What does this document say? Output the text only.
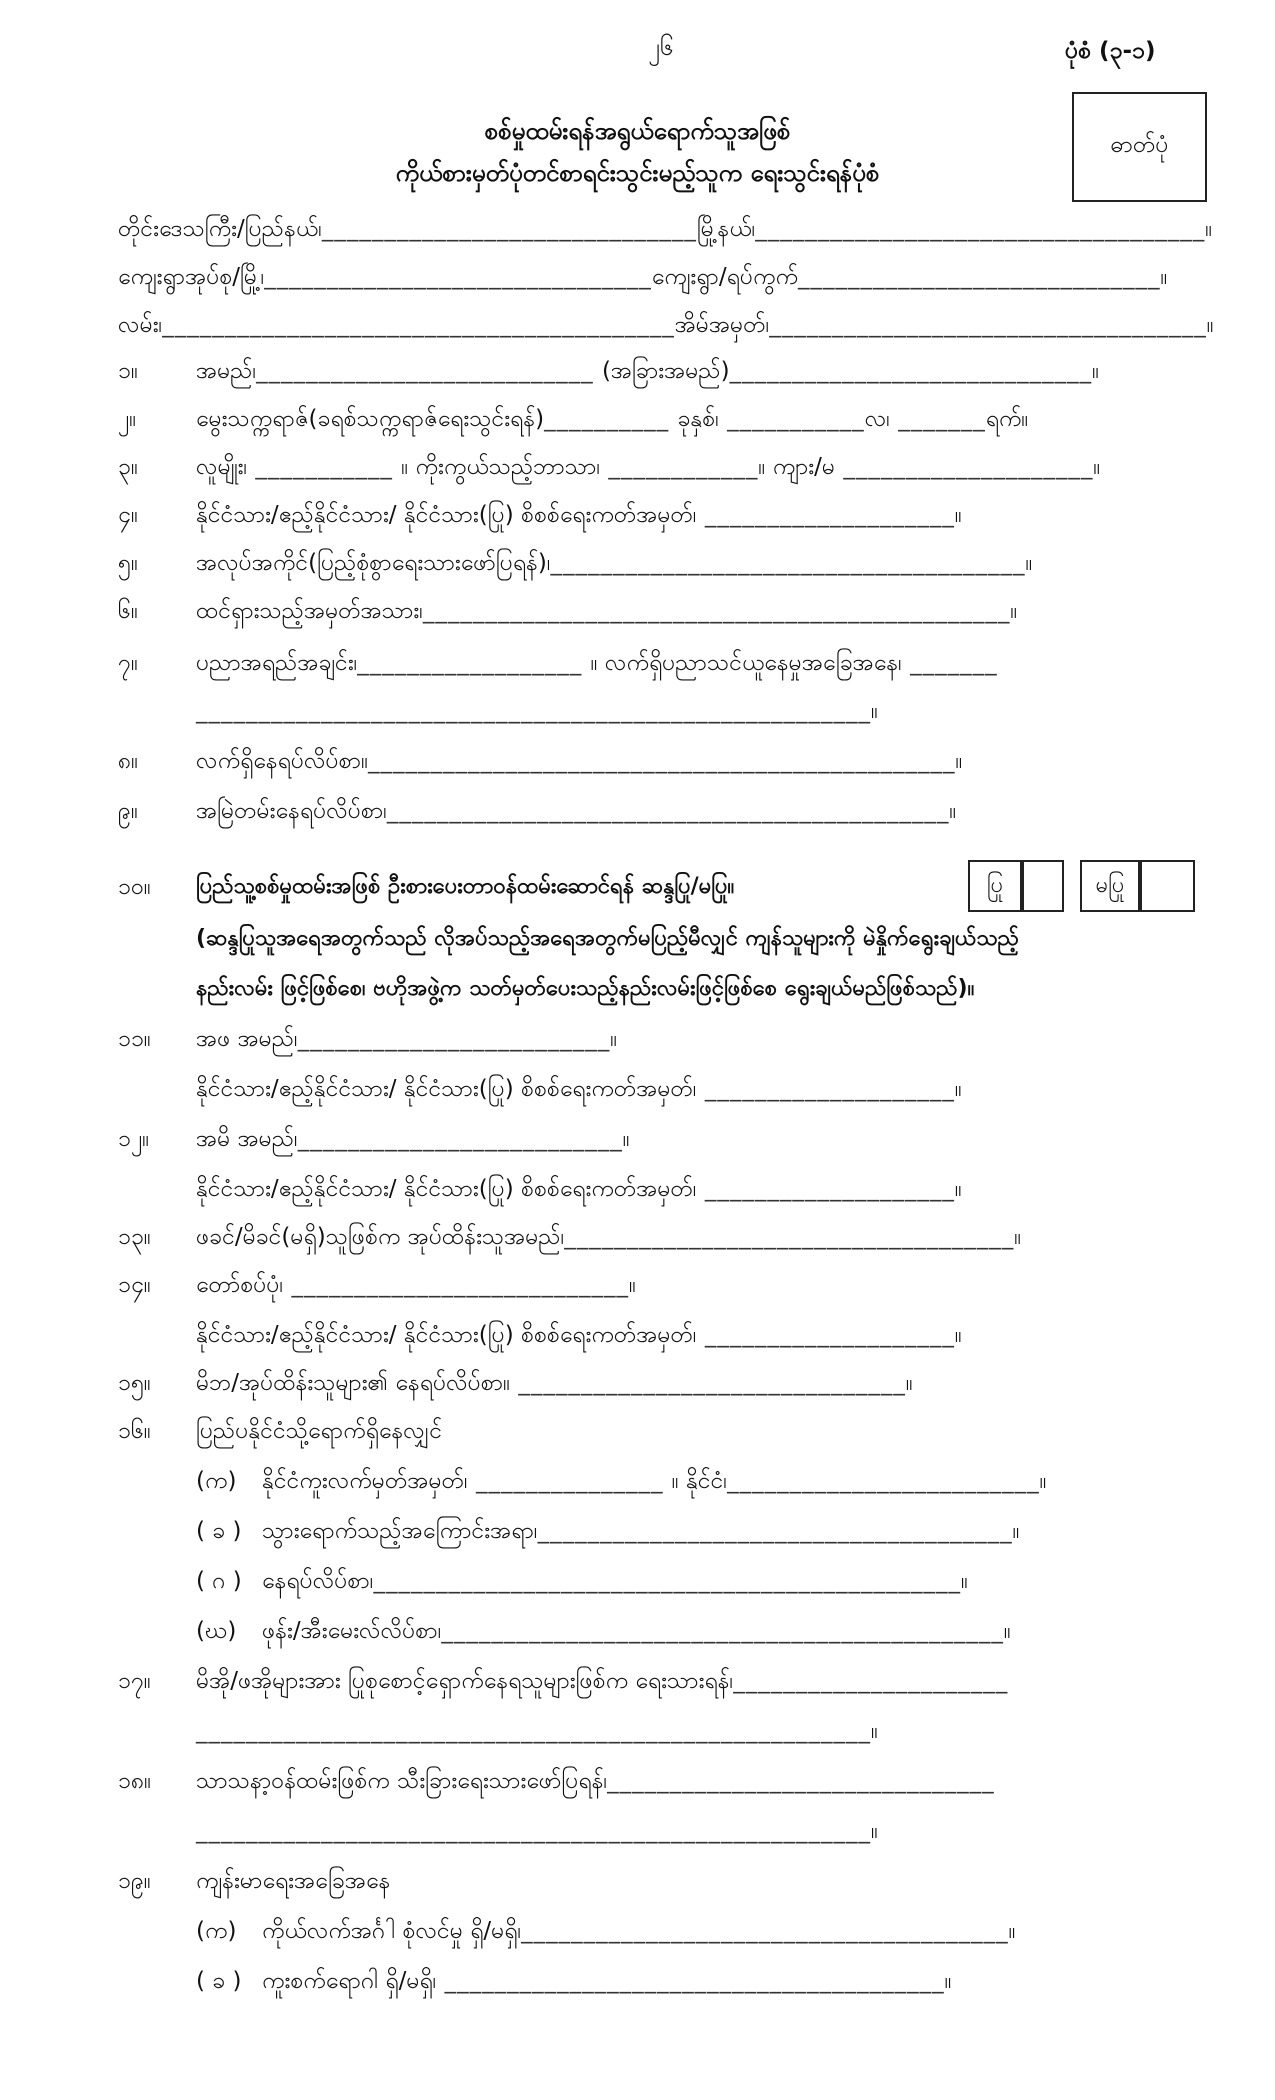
၂၆	ပုံစံ (၃-၁)
ဓာတ်ပုံ
စစ်မှုထမ်းရန်အရွယ်ရောက်သူအဖြစ်
ကိုယ်စားမှတ်ပုံတင်စာရင်းသွင်းမည့်သူက ရေးသွင်းရန်ပုံစံ
တိုင်းဒေသကြီး/ပြည်နယ်၊______________________________မြို့နယ်၊____________________________________။
ကျေးရွာအုပ်စု/မြို့၊_______________________________ကျေးရွာ/ရပ်ကွက်_____________________________။
လမ်း၊_________________________________________အိမ်အမှတ်၊___________________________________။
၁။	အမည်၊___________________________ (အခြားအမည်)_____________________________။
၂။	မွေးသက္ကရာဇ်(ခရစ်သက္ကရာဇ်ရေးသွင်းရန်)__________ ခုနှစ်၊ ___________လ၊ _______ရက်။
၃။	လူမျိုး၊ ___________ ။ ကိုးကွယ်သည့်ဘာသာ၊ ____________။ ကျား/မ ____________________။
၄။	နိုင်ငံသား/ဧည့်နိုင်ငံသား/ နိုင်ငံသား(ပြု) စိစစ်ရေးကတ်အမှတ်၊ ____________________။
၅။	အလုပ်အကိုင်(ပြည့်စုံစွာရေးသားဖော်ပြရန်)၊______________________________________။
၆။	ထင်ရှားသည့်အမှတ်အသား၊_______________________________________________။
၇။	ပညာအရည်အချင်း၊__________________ ။ လက်ရှိပညာသင်ယူနေမှုအခြေအနေ၊ _______
______________________________________________________။
၈။	လက်ရှိနေရပ်လိပ်စာ။_______________________________________________။
၉။	အမြဲတမ်းနေရပ်လိပ်စာ၊_____________________________________________။
၁၀။ ပြည်သူ့စစ်မှုထမ်းအဖြစ် ဦးစားပေးတာဝန်ထမ်းဆောင်ရန် ဆန္ဒပြု/မပြု။	ပြု	မပြု
(ဆန္ဒပြုသူအရေအတွက်သည် လိုအပ်သည့်အရေအတွက်မပြည့်မီလျှင် ကျန်သူများကို မဲနှိုက်ရွေးချယ်သည့်
နည်းလမ်း ဖြင့်ဖြစ်စေ၊ ဗဟိုအဖွဲ့က သတ်မှတ်ပေးသည့်နည်းလမ်းဖြင့်ဖြစ်စေ ရွေးချယ်မည်ဖြစ်သည်)။
၁၁။ အဖ အမည်၊_________________________။
နိုင်ငံသား/ဧည့်နိုင်ငံသား/ နိုင်ငံသား(ပြု) စိစစ်ရေးကတ်အမှတ်၊ ____________________။
၁၂။ အမိ အမည်၊__________________________။
နိုင်ငံသား/ဧည့်နိုင်ငံသား/ နိုင်ငံသား(ပြု) စိစစ်ရေးကတ်အမှတ်၊ ____________________။
၁၃။ ဖခင်/မိခင်(မရှိ)သူဖြစ်က အုပ်ထိန်းသူအမည်၊____________________________________။
၁၄။ တော်စပ်ပုံ၊ ___________________________။
နိုင်ငံသား/ဧည့်နိုင်ငံသား/ နိုင်ငံသား(ပြု) စိစစ်ရေးကတ်အမှတ်၊ ____________________။
၁၅။ မိဘ/အုပ်ထိန်းသူများ၏ နေရပ်လိပ်စာ။ _______________________________။
၁၆။ ပြည်ပနိုင်ငံသို့ရောက်ရှိနေလျှင်
(က) နိုင်ငံကူးလက်မှတ်အမှတ်၊ _______________ ။ နိုင်ငံ၊_________________________။
( ခ ) သွားရောက်သည့်အကြောင်းအရာ၊______________________________________။
( ဂ ) နေရပ်လိပ်စာ၊_______________________________________________။
(ဃ) ဖုန်း/အီးမေးလ်လိပ်စာ၊_____________________________________________။
၁၇။ မိအို/ဖအိုများအား ပြုစုစောင့်ရှောက်နေရသူများဖြစ်က ရေးသားရန်၊______________________
______________________________________________________။
၁၈။ သာသနာ့ဝန်ထမ်းဖြစ်က သီးခြားရေးသားဖော်ပြရန်၊_______________________________
______________________________________________________။
၁၉။ ကျန်းမာရေးအခြေအနေ
(က) ကိုယ်လက်အင်္ဂါ စုံလင်မှု ရှိ/မရှိ၊_______________________________________။
( ခ ) ကူးစက်ရောဂါ ရှိ/မရှိ၊ ________________________________________။
